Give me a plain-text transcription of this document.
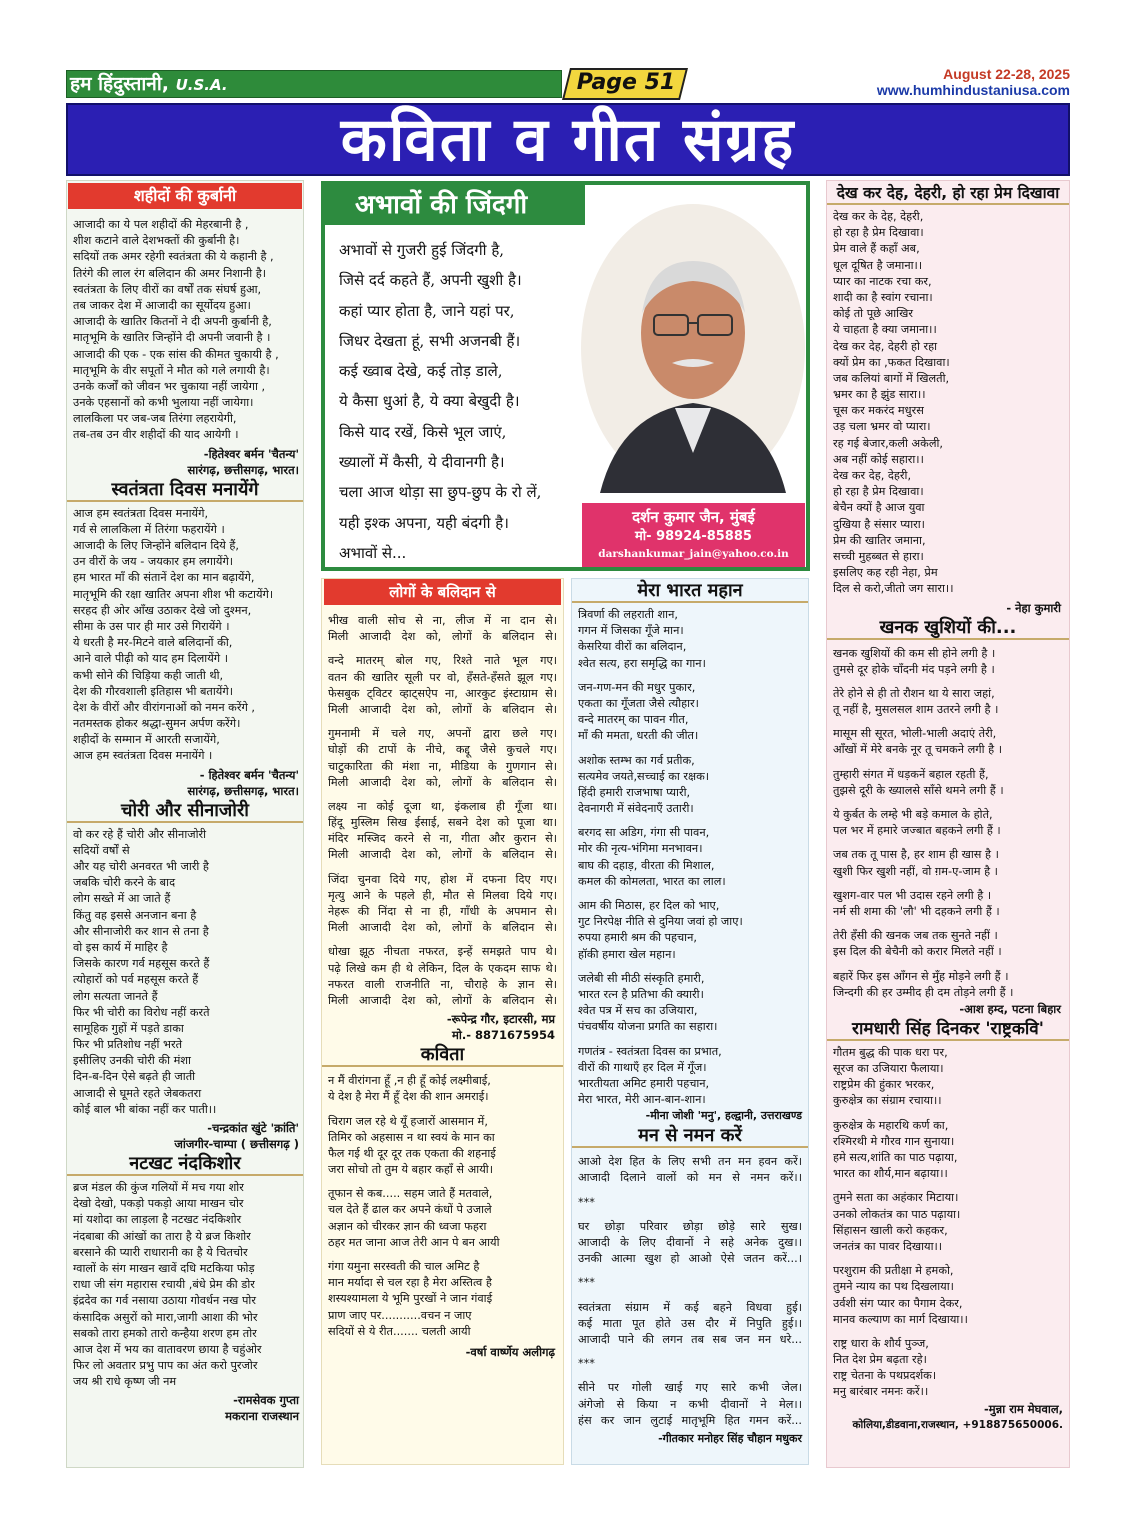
हम हिंदुस्तानी, U.S.A.	Page 51	August 22-28, 2025
www.humhindustaniusa.com
कविता व गीत संग्रह
शहीदों की कुर्बानी
आजादी का ये पल शहीदों की मेहरबानी है ,
शीश कटाने वाले देशभक्तों की कुर्बानी है।
सदियों तक अमर रहेगी स्वतंत्रता की ये कहानी है ,
तिरंगे की लाल रंग बलिदान की अमर निशानी है।
स्वतंत्रता के लिए वीरों का वर्षों तक संघर्ष हुआ,
तब जाकर देश में आजादी का सूर्योदय हुआ।
आजादी के खातिर कितनों ने दी अपनी कुर्बानी है,
मातृभूमि के खातिर जिन्होंने दी अपनी जवानी है ।
आजादी की एक - एक सांस की कीमत चुकायी है ,
मातृभूमि के वीर सपूतों ने मौत को गले लगायी है।
उनके कर्जों को जीवन भर चुकाया नहीं जायेगा ,
उनके एहसानों को कभी भुलाया नहीं जायेगा।
लालकिला पर जब-जब तिरंगा लहरायेगी,
तब-तब उन वीर शहीदों की याद आयेगी ।
-हितेश्वर बर्मन 'चैतन्य'
सारंगढ़, छत्तीसगढ़, भारत।
स्वतंत्रता दिवस मनायेंगे
आज हम स्वतंत्रता दिवस मनायेंगे,
गर्व से लालकिला में तिरंगा फहरायेंगे ।
आजादी के लिए जिन्होंने बलिदान दिये हैं,
उन वीरों के जय - जयकार हम लगायेंगे।
हम भारत माँ की संतानें देश का मान बढ़ायेंगे,
मातृभूमि की रक्षा खातिर अपना शीश भी कटायेंगे।
सरहद ही ओर आँख उठाकर देखे जो दुश्मन,
सीमा के उस पार ही मार उसे गिरायेंगे ।
ये धरती है मर-मिटने वाले बलिदानों की,
आने वाले पीढ़ी को याद हम दिलायेंगे ।
कभी सोने की चिड़िया कही जाती थी,
देश की गौरवशाली इतिहास भी बतायेंगे।
देश के वीरों और वीरांगनाओं को नमन करेंगे ,
नतमस्तक होकर श्रद्धा-सुमन अर्पण करेंगे।
शहीदों के सम्मान में आरती सजायेंगे,
आज हम स्वतंत्रता दिवस मनायेंगे ।
- हितेश्वर बर्मन 'चैतन्य'
सारंगढ़, छत्तीसगढ़, भारत।
चोरी और सीनाजोरी
वो कर रहे हैं चोरी और सीनाजोरी
सदियों वर्षों से
और यह चोरी अनवरत भी जारी है
जबकि चोरी करने के बाद
लोग सख्ते में आ जाते हैं
किंतु वह इससे अनजान बना है
और सीनाजोरी कर शान से तना है
वो इस कार्य में माहिर है
जिसके कारण गर्व महसूस करते हैं
त्योहारों को पर्व महसूस करते हैं
लोग सत्यता जानते हैं
फिर भी चोरी का विरोध नहीं करते
सामूहिक गुहों में पड़ते डाका
फिर भी प्रतिशोध नहीं भरते
इसीलिए उनकी चोरी की मंशा
दिन-ब-दिन ऐसे बढ़ते ही जाती
आजादी से घूमते रहते जेबकतरा
कोई बाल भी बांका नहीं कर पाती।।
-चन्द्रकांत खुंटे 'क्रांति'
जांजगीर-चाम्पा ( छत्तीसगढ़ )
नटखट नंदकिशोर
ब्रज मंडल की कुंज गलियों में मच गया शोर
देखो देखो, पकड़ो पकड़ो आया माखन चोर
मां यशोदा का लाड़ला है नटखट नंदकिशोर
नंदबाबा की आंखों का तारा है ये ब्रज किशोर
बरसाने की प्यारी राधारानी का है ये चितचोर
ग्वालों के संग माखन खावें दधि मटकिया फोड़
राधा जी संग महारास रचायी ,बंधे प्रेम की डोर
इंद्रदेव का गर्व नसाया उठाया गोवर्धन नख पोर
कंसादिक असुरों को मारा,जागी आशा की भोर
सबको तारा हमको तारो कन्हैया शरण हम तोर
आज देश में भय का वातावरण छाया है चहुंओर
फिर लो अवतार प्रभु पाप का अंत करो पुरजोर
जय श्री राधे कृष्ण जी नम
-रामसेवक गुप्ता
मकराना राजस्थान
अभावों की जिंदगी
अभावों से गुजरी हुई जिंदगी है,
जिसे दर्द कहते हैं, अपनी खुशी है।
कहां प्यार होता है, जाने यहां पर,
जिधर देखता हूं, सभी अजनबी हैं।
कई ख्वाब देखे, कई तोड़ डाले,
ये कैसा धुआं है, ये क्या बेखुदी है।
किसे याद रखें, किसे भूल जाएं,
ख्यालों में कैसी, ये दीवानगी है।
चला आज थोड़ा सा छुप-छुप के रो लें,
यही इश्क अपना, यही बंदगी है।
अभावों से...
दर्शन कुमार जैन, मुंबई
मो- 98924-85885
darshankumar_jain@yahoo.co.in
लोगों के बलिदान से
भीख वाली सोच से ना, लीज में ना दान से।
मिली आजादी देश को, लोगों के बलिदान से।
वन्दे मातरम् बोल गए, रिश्ते नाते भूल गए।
वतन की खातिर सूली पर वो, हँसते-हँसते झूल गए।
फेसबुक ट्विटर व्हाट्सऐप ना, आरकुट इंस्टाग्राम से।
मिली आजादी देश को, लोगों के बलिदान से।
गुमनामी में चले गए, अपनों द्वारा छले गए।
घोड़ों की टापों के नीचे, कद्दू जैसे कुचले गए।
चाटुकारिता की मंशा ना, मीडिया के गुणगान से।
मिली आजादी देश को, लोगों के बलिदान से।
लक्ष्य ना कोई दूजा था, इंकलाब ही गूँजा था।
हिंदू मुस्लिम सिख ईसाई, सबने देश को पूजा था।
मंदिर मस्जिद करने से ना, गीता और कुरान से।
मिली आजादी देश को, लोगों के बलिदान से।
जिंदा चुनवा दिये गए, होश में दफना दिए गए।
मृत्यु आने के पहले ही, मौत से मिलवा दिये गए।
नेहरू की निंदा से ना ही, गाँधी के अपमान से।
मिली आजादी देश को, लोगों के बलिदान से।
धोखा झूठ नीचता नफरत, इन्हें समझते पाप थे।
पढ़े लिखे कम ही थे लेकिन, दिल के एकदम साफ थे।
नफरत वाली राजनीति ना, चौराहे के ज्ञान से।
मिली आजादी देश को, लोगों के बलिदान से।
-रूपेन्द्र गौर, इटारसी, मप्र
मो.- 8871675954
कविता
न मैं वीरांगना हूँ ,न ही हूँ कोई लक्ष्मीबाई,
ये देश है मेरा मैं हूँ देश की शान अमराई।
चिराग जल रहे थे यूँ हजारों आसमान में,
तिमिर को अहसास न था स्वयं के मान का
फैल गई थी दूर दूर तक एकता की शहनाई
जरा सोचो तो तुम ये बहार कहाँ से आयी।
तूफान से कब..... सहम जाते हैं मतवाले,
चल देते हैं ढाल कर अपने कंधों पे उजाले
अज्ञान को चीरकर ज्ञान की ध्वजा फहरा
ठहर मत जाना आज तेरी आन पे बन आयी
गंगा यमुना सरस्वती की चाल अमिट है
मान मर्यादा से चल रहा है मेरा अस्तित्व है
शस्यश्यामला ये भूमि पुरखों ने जान गंवाई
प्राण जाए पर...........वचन न जाए
सदियों से ये रीत....... चलती आयी
-वर्षा वार्ष्णेय अलीगढ़
मेरा भारत महान
त्रिवर्णा की लहराती शान,
गगन में जिसका गूँजे मान।
केसरिया वीरों का बलिदान,
श्वेत सत्य, हरा समृद्धि का गान।
जन-गण-मन की मधुर पुकार,
एकता का गूँजता जैसे त्यौहार।
वन्दे मातरम् का पावन गीत,
माँ की ममता, धरती की जीत।
अशोक स्तम्भ का गर्व प्रतीक,
सत्यमेव जयते,सच्चाई का रक्षक।
हिंदी हमारी राजभाषा प्यारी,
देवनागरी में संवेदनाएँ उतारी।
बरगद सा अडिग, गंगा सी पावन,
मोर की नृत्य-भंगिमा मनभावन।
बाघ की दहाड़, वीरता की मिशाल,
कमल की कोमलता, भारत का लाल।
आम की मिठास, हर दिल को भाए,
गुट निरपेक्ष नीति से दुनिया जवां हो जाए।
रुपया हमारी श्रम की पहचान,
हॉकी हमारा खेल महान।
जलेबी सी मीठी संस्कृति हमारी,
भारत रत्न है प्रतिभा की क्यारी।
श्वेत पत्र में सच का उजियारा,
पंचवर्षीय योजना प्रगति का सहारा।
गणतंत्र - स्वतंत्रता दिवस का प्रभात,
वीरों की गाथाएँ हर दिल में गूँज।
भारतीयता अमिट हमारी पहचान,
मेरा भारत, मेरी आन-बान-शान।
-मीना जोशी 'मनु', हल्द्वानी, उत्तराखण्ड
मन से नमन करें
आओ देश हित के लिए सभी तन मन हवन करें।
आजादी दिलाने वालों को मन से नमन करें।।
***
घर छोड़ा परिवार छोड़ा छोड़े सारे सुख।
आजादी के लिए दीवानों ने सहे अनेक दुख।।
उनकी आत्मा खुश हो आओ ऐसे जतन करें...।
***
स्वतंत्रता संग्राम में कई बहने विधवा हुई।
कई माता पूत होते उस दौर में निपुति हुई।।
आजादी पाने की लगन तब सब जन मन धरे...
***
सीने पर गोली खाई गए सारे कभी जेल।
अंगेजो से किया न कभी दीवानों ने मेल।।
हंस कर जान लुटाई मातृभूमि हित गमन करें...
-गीतकार मनोहर सिंह चौहान मधुकर
देख कर देह, देहरी, हो रहा प्रेम दिखावा
देख कर के देह, देहरी,
हो रहा है प्रेम दिखावा।
प्रेम वाले हैं कहाँ अब,
धूल दूषित है जमाना।।
प्यार का नाटक रचा कर,
शादी का है स्वांग रचाना।
कोई तो पूछे आखिर
ये चाहता है क्या जमाना।।
देख कर देह, देहरी हो रहा
क्यों प्रेम का ,फकत दिखावा।
जब कलियां बागों में खिलती,
भ्रमर का है झुंड सारा।।
चूस कर मकरंद मधुरस
उड़ चला भ्रमर वो प्यारा।
रह गई बेजार,कली अकेली,
अब नहीं कोई सहारा।।
देख कर देह, देहरी,
हो रहा है प्रेम दिखावा।
बेचैन क्यों है आज युवा
दुखिया है संसार प्यारा।
प्रेम की खातिर जमाना,
सच्ची मुहब्बत से हारा।
इसलिए कह रही नेहा, प्रेम
दिल से करो,जीतो जग सारा।।
- नेहा कुमारी
खनक खुशियों की...
खनक खुशियों की कम सी होने लगी है ।
तुमसे दूर होके चाँदनी मंद पड़ने लगी है ।
तेरे होने से ही तो रौशन था ये सारा जहां,
तू नहीं है, मुसलसल शाम उतरने लगी है ।
मासूम सी सूरत, भोली-भाली अदाएं तेरी,
आँखों में मेरे बनके नूर तू चमकने लगी है ।
तुम्हारी संगत में धड़कनें बहाल रहती हैं,
तुझसे दूरी के ख्यालसे साँसे थमने लगी हैं ।
ये कुर्बत के लम्हे भी बड़े कमाल के होते,
पल भर में हमारे जज्बात बहकने लगी हैं ।
जब तक तू पास है, हर शाम ही खास है ।
खुशी फिर खुशी नहीं, वो ग़म-ए-जाम है ।
खुशग-वार पल भी उदास रहने लगी है ।
नर्म सी शमा की 'लौ' भी दहकने लगी हैं ।
तेरी हँसी की खनक जब तक सुनते नहीं ।
इस दिल की बेचैनी को करार मिलते नहीं ।
बहारें फिर इस आँगन से मुँह मोड़ने लगी हैं ।
जिन्दगी की हर उम्मीद ही दम तोड़ने लगी हैं ।
-आश हम्द, पटना बिहार
रामधारी सिंह दिनकर 'राष्ट्रकवि'
गौतम बुद्ध की पाक धरा पर,
सूरज का उजियारा फैलाया।
राष्ट्रप्रेम की हुंकार भरकर,
कुरुक्षेत्र का संग्राम रचाया।।
कुरुक्षेत्र के महारथि कर्ण का,
रश्मिरथी मे गौरव गान सुनाया।
हमे सत्य,शांति का पाठ पढ़ाया,
भारत का शौर्य,मान बढ़ाया।।
तुमने सता का अहंकार मिटाया।
उनको लोकतंत्र का पाठ पढ़ाया।
सिंहासन खाली करो कहकर,
जनतंत्र का पावर दिखाया।।
परशुराम की प्रतीक्षा मे हमको,
तुमने न्याय का पथ दिखलाया।
उर्वशी संग प्यार का पैगाम देकर,
मानव कल्याण का मार्ग दिखाया।।
राष्ट्र धारा के शौर्य पुञ्ज,
नित देश प्रेम बढ़ता रहे।
राष्ट्र चेतना के पथप्रदर्शक।
मनु बारंबार नमनः करें।।
-मुन्ना राम मेघवाल,
कोलिया,डीडवाना,राजस्थान, +918875650006.
